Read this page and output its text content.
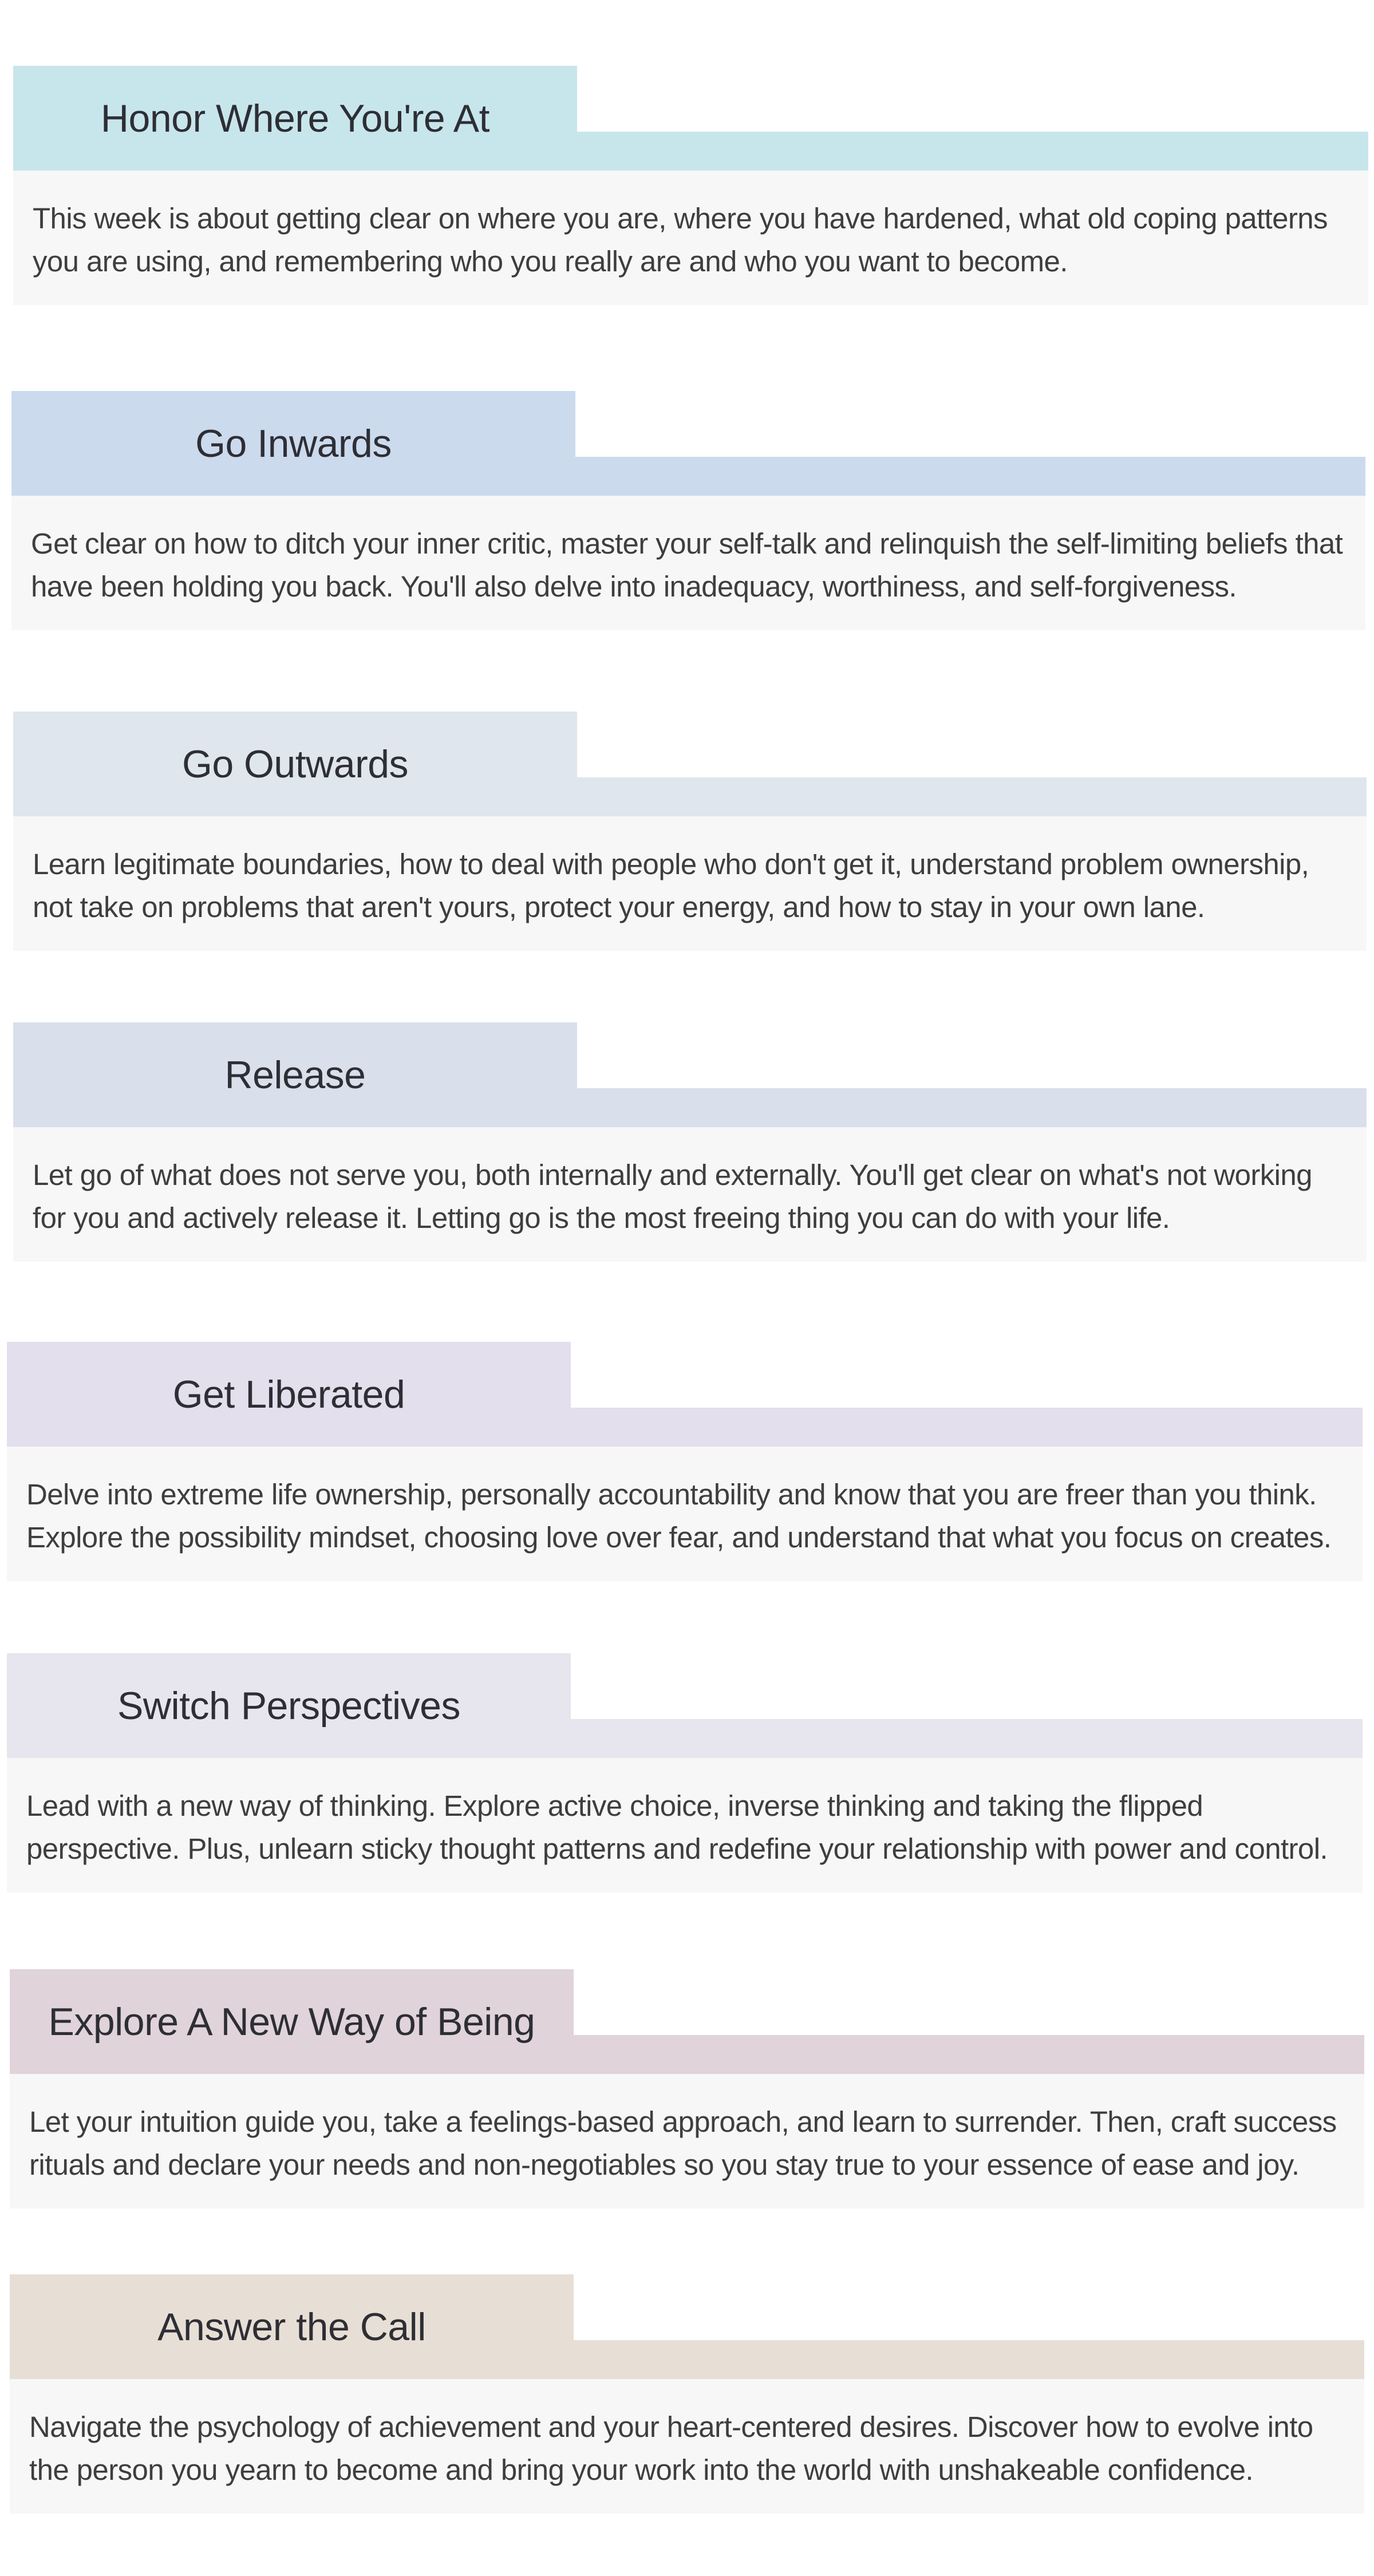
Honor Where You're At

This week is about getting clear on where you are, where you have hardened, what old coping patterns you are using, and remembering who you really are and who you want to become.

Go Inwards

Get clear on how to ditch your inner critic, master your self-talk and relinquish the self-limiting beliefs that have been holding you back. You'll also delve into inadequacy, worthiness, and self-forgiveness.

Go Outwards

Learn legitimate boundaries, how to deal with people who don't get it, understand problem ownership, not take on problems that aren't yours, protect your energy, and how to stay in your own lane.

Release

Let go of what does not serve you, both internally and externally. You'll get clear on what's not working for you and actively release it. Letting go is the most freeing thing you can do with your life.

Get Liberated

Delve into extreme life ownership, personally accountability and know that you are freer than you think. Explore the possibility mindset, choosing love over fear, and understand that what you focus on creates.

Switch Perspectives

Lead with a new way of thinking. Explore active choice, inverse thinking and taking the flipped perspective. Plus, unlearn sticky thought patterns and redefine your relationship with power and control.

Explore A New Way of Being

Let your intuition guide you, take a feelings-based approach, and learn to surrender. Then, craft success rituals and declare your needs and non-negotiables so you stay true to your essence of ease and joy.

Answer the Call

Navigate the psychology of achievement and your heart-centered desires. Discover how to evolve into the person you yearn to become and bring your work into the world with unshakeable confidence.
